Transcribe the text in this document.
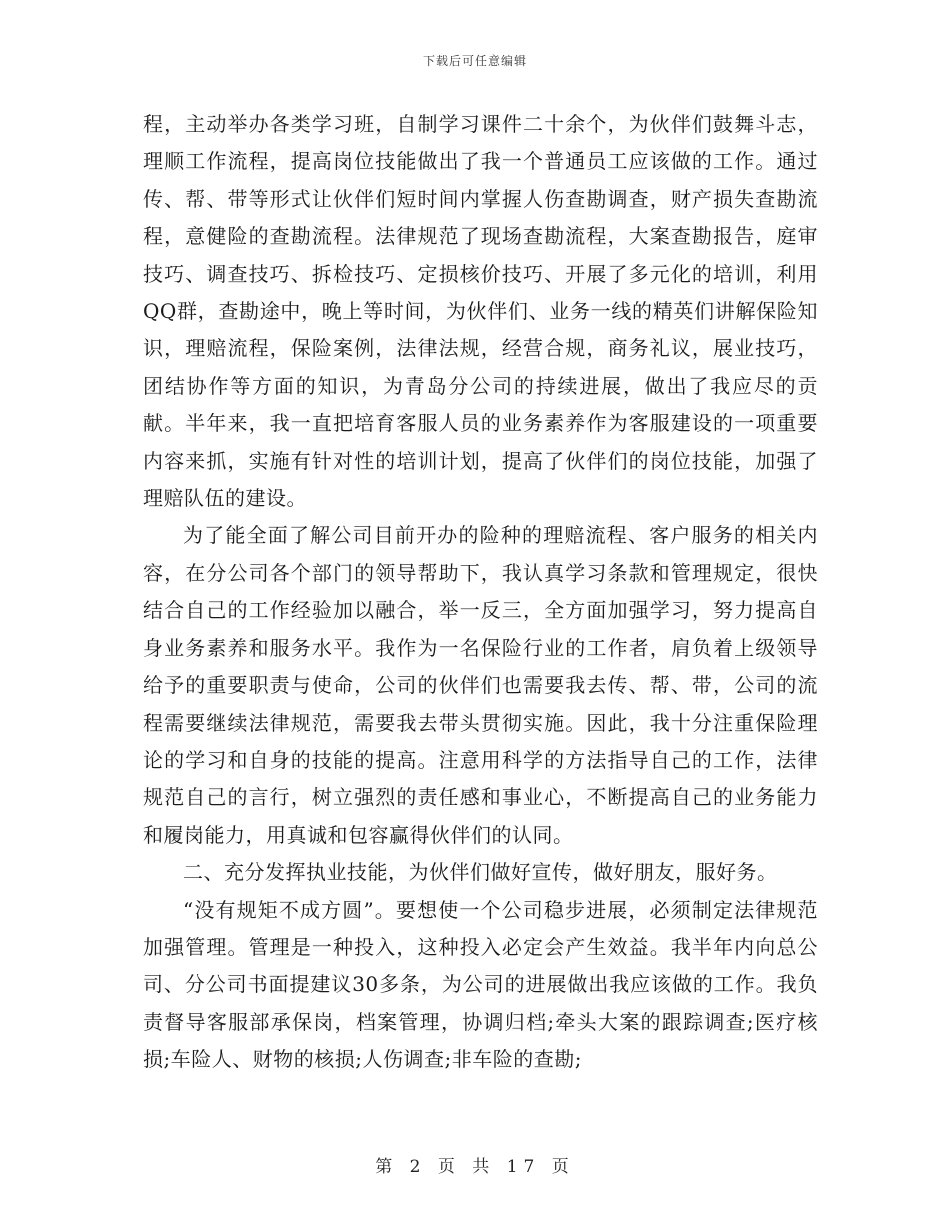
下载后可任意编辑

程，主动举办各类学习班，自制学习课件二十余个，为伙伴们鼓舞斗志，理顺工作流程，提高岗位技能做出了我一个普通员工应该做的工作。通过传、帮、带等形式让伙伴们短时间内掌握人伤查勘调查，财产损失查勘流程，意健险的查勘流程。法律规范了现场查勘流程，大案查勘报告，庭审技巧、调查技巧、拆检技巧、定损核价技巧、开展了多元化的培训，利用QQ群，查勘途中，晚上等时间，为伙伴们、业务一线的精英们讲解保险知识，理赔流程，保险案例，法律法规，经营合规，商务礼议，展业技巧，团结协作等方面的知识，为青岛分公司的持续进展，做出了我应尽的贡献。半年来，我一直把培育客服人员的业务素养作为客服建设的一项重要内容来抓，实施有针对性的培训计划，提高了伙伴们的岗位技能，加强了理赔队伍的建设。

为了能全面了解公司目前开办的险种的理赔流程、客户服务的相关内容，在分公司各个部门的领导帮助下，我认真学习条款和管理规定，很快结合自己的工作经验加以融合，举一反三，全方面加强学习，努力提高自身业务素养和服务水平。我作为一名保险行业的工作者，肩负着上级领导给予的重要职责与使命，公司的伙伴们也需要我去传、帮、带，公司的流程需要继续法律规范，需要我去带头贯彻实施。因此，我十分注重保险理论的学习和自身的技能的提高。注意用科学的方法指导自己的工作，法律规范自己的言行，树立强烈的责任感和事业心，不断提高自己的业务能力和履岗能力，用真诚和包容赢得伙伴们的认同。

二、充分发挥执业技能，为伙伴们做好宣传，做好朋友，服好务。

“没有规矩不成方圆”。要想使一个公司稳步进展，必须制定法律规范加强管理。管理是一种投入，这种投入必定会产生效益。我半年内向总公司、分公司书面提建议30多条，为公司的进展做出我应该做的工作。我负责督导客服部承保岗，档案管理，协调归档;牵头大案的跟踪调查;医疗核损;车险人、财物的核损;人伤调查;非车险的查勘;

第 2 页 共 17 页
